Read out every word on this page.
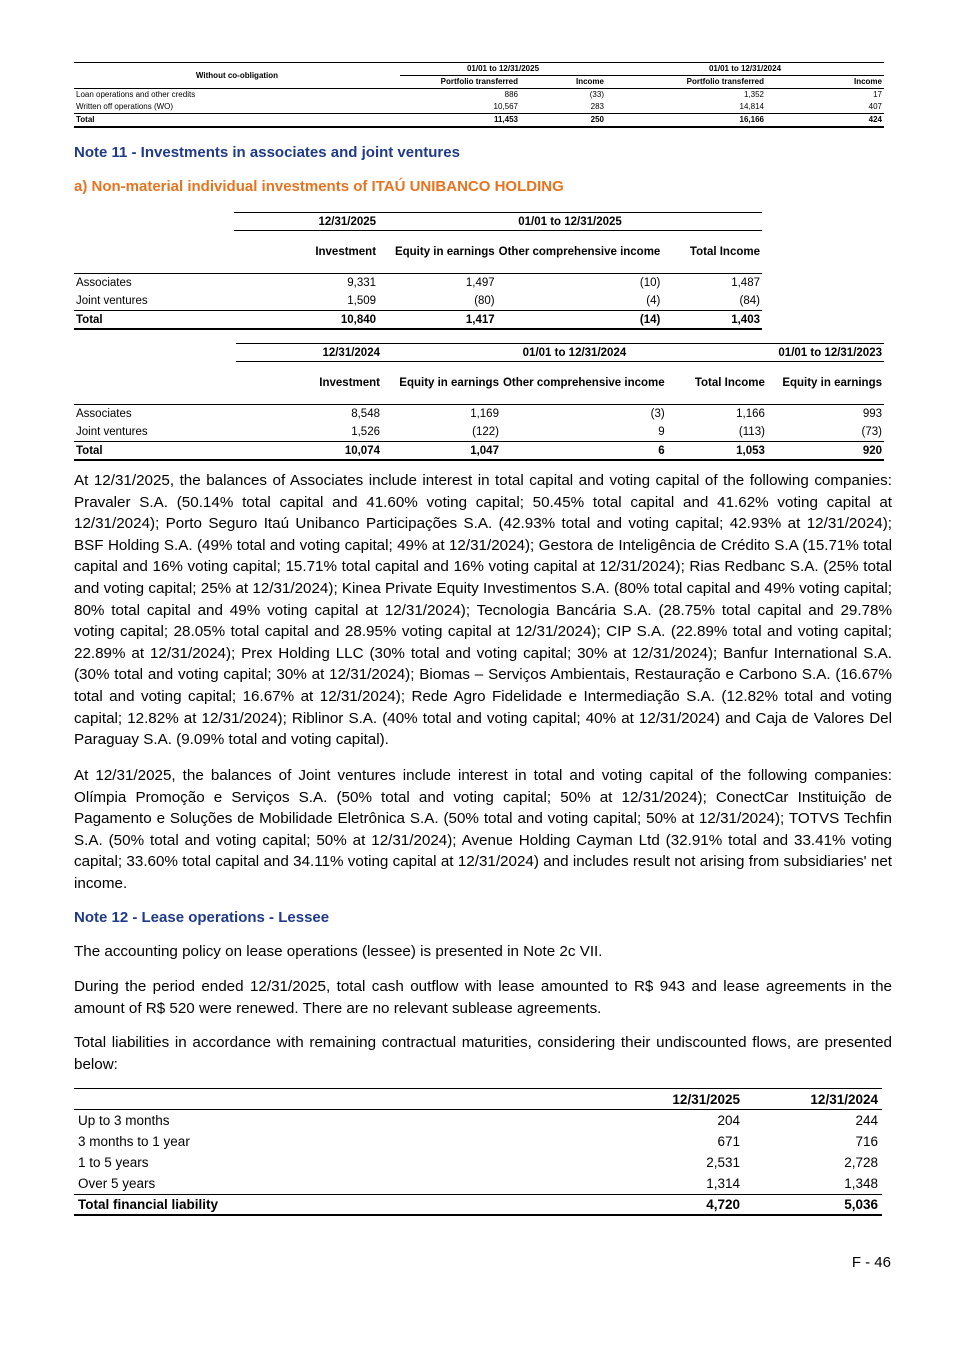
Without co-obligation	01/01 to 12/31/2025		01/01 to 12/31/2024	
	Portfolio transferred	Income	Portfolio transferred	Income
Loan operations and other credits	886	(33)	1,352	17
Written off operations (WO)	10,567	283	14,814	407
Total	11,453	250	16,166	424
Note 11 - Investments in associates and joint ventures
a) Non-material individual investments of ITAÚ UNIBANCO HOLDING
	12/31/2025	01/01 to 12/31/2025		
	Investment	Equity in earnings	Other comprehensive income	Total Income
Associates	9,331	1,497	(10)	1,487
Joint ventures	1,509	(80)	(4)	(84)
Total	10,840	1,417	(14)	1,403
	12/31/2024	01/01 to 12/31/2024			01/01 to 12/31/2023
	Investment	Equity in earnings	Other comprehensive income	Total Income	Equity in earnings
Associates	8,548	1,169	(3)	1,166	993
Joint ventures	1,526	(122)	9	(113)	(73)
Total	10,074	1,047	6	1,053	920

At 12/31/2025, the balances of Associates include interest in total capital and voting capital of the following companies: Pravaler S.A. (50.14% total capital and 41.60% voting capital; 50.45% total capital and 41.62% voting capital at 12/31/2024); Porto Seguro Itaú Unibanco Participações S.A. (42.93% total and voting capital; 42.93% at 12/31/2024); BSF Holding S.A. (49% total and voting capital; 49% at 12/31/2024); Gestora de Inteligência de Crédito S.A (15.71% total capital and 16% voting capital; 15.71% total capital and 16% voting capital at 12/31/2024); Rias Redbanc S.A. (25% total and voting capital; 25% at 12/31/2024); Kinea Private Equity Investimentos S.A. (80% total capital and 49% voting capital; 80% total capital and 49% voting capital at 12/31/2024); Tecnologia Bancária S.A. (28.75% total capital and 29.78% voting capital; 28.05% total capital and 28.95% voting capital at 12/31/2024); CIP S.A. (22.89% total and voting capital; 22.89% at 12/31/2024); Prex Holding LLC (30% total and voting capital; 30% at 12/31/2024); Banfur International S.A. (30% total and voting capital; 30% at 12/31/2024); Biomas – Serviços Ambientais, Restauração e Carbono S.A. (16.67% total and voting capital; 16.67% at 12/31/2024); Rede Agro Fidelidade e Intermediação S.A. (12.82% total and voting capital; 12.82% at 12/31/2024); Riblinor S.A. (40% total and voting capital; 40% at 12/31/2024) and Caja de Valores Del Paraguay S.A. (9.09% total and voting capital).

At 12/31/2025, the balances of Joint ventures include interest in total and voting capital of the following companies: Olímpia Promoção e Serviços S.A. (50% total and voting capital; 50% at 12/31/2024); ConectCar Instituição de Pagamento e Soluções de Mobilidade Eletrônica S.A. (50% total and voting capital; 50% at 12/31/2024); TOTVS Techfin S.A. (50% total and voting capital; 50% at 12/31/2024); Avenue Holding Cayman Ltd (32.91% total and 33.41% voting capital; 33.60% total capital and 34.11% voting capital at 12/31/2024) and includes result not arising from subsidiaries' net income.

Note 12 - Lease operations - Lessee

The accounting policy on lease operations (lessee) is presented in Note 2c VII.

During the period ended 12/31/2025, total cash outflow with lease amounted to R$ 943 and lease agreements in the amount of R$ 520 were renewed. There are no relevant sublease agreements.

Total liabilities in accordance with remaining contractual maturities, considering their undiscounted flows, are presented below:

	12/31/2025	12/31/2024
Up to 3 months	204	244
3 months to 1 year	671	716
1 to 5 years	2,531	2,728
Over 5 years	1,314	1,348
Total financial liability	4,720	5,036
F - 46
